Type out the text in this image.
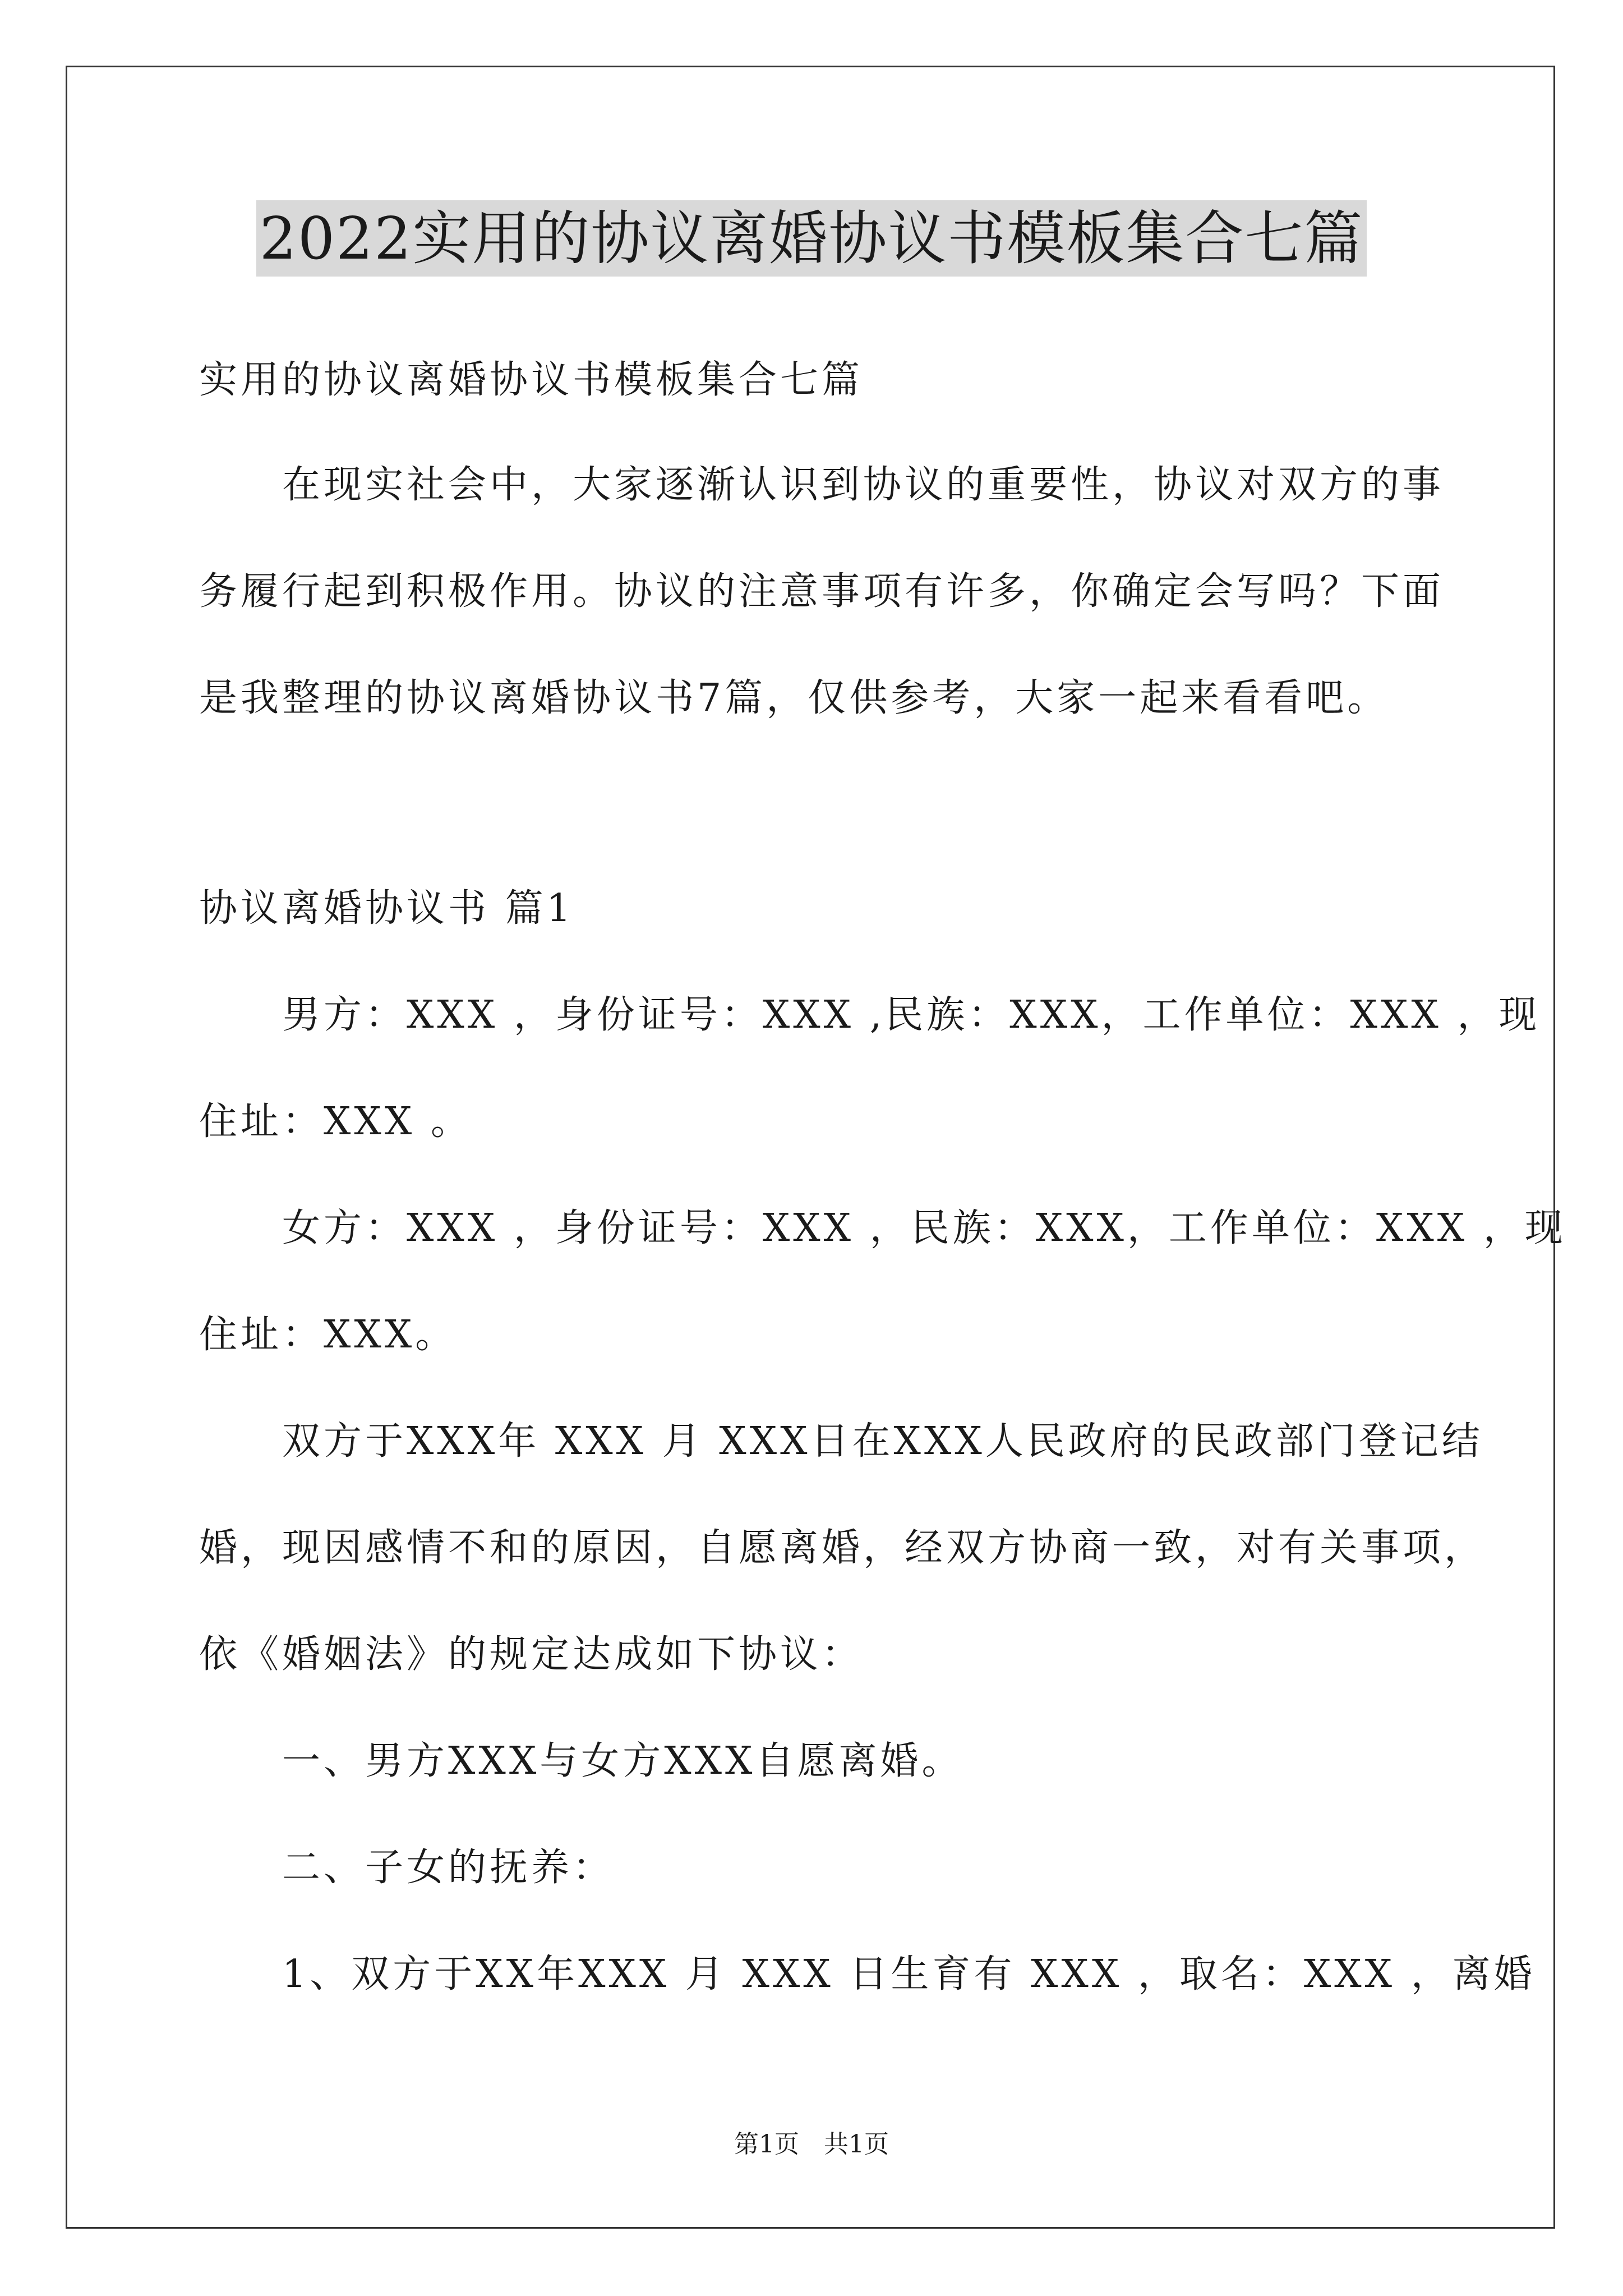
2022实用的协议离婚协议书模板集合七篇
实用的协议离婚协议书模板集合七篇
在现实社会中，大家逐渐认识到协议的重要性，协议对双方的事
务履行起到积极作用。协议的注意事项有许多，你确定会写吗？下面
是我整理的协议离婚协议书7篇，仅供参考，大家一起来看看吧。
协议离婚协议书 篇1
男方：XXX ，身份证号：XXX ,民族：XXX，工作单位：XXX ，现
住址：XXX 。
女方：XXX ，身份证号：XXX ，民族：XXX，工作单位：XXX ，现
住址：XXX。
双方于XXX年 XXX 月 XXX日在XXX人民政府的民政部门登记结
婚，现因感情不和的原因，自愿离婚，经双方协商一致，对有关事项，
依《婚姻法》的规定达成如下协议：
一、男方XXX与女方XXX自愿离婚。
二、子女的抚养：
1、双方于XX年XXX 月 XXX 日生育有 XXX ，取名：XXX ，离婚
第1页　共1页
